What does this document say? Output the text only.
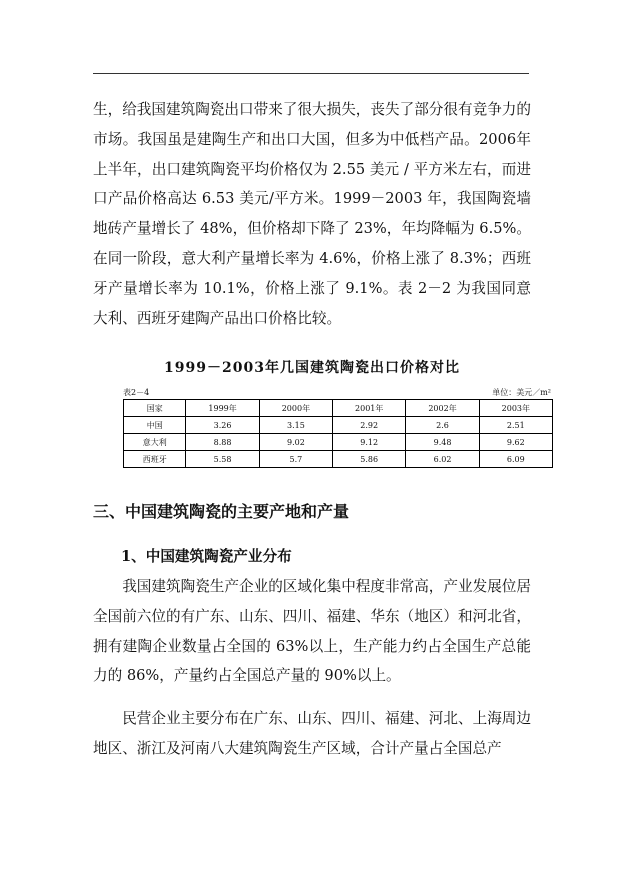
生，给我国建筑陶瓷出口带来了很大损失，丧失了部分很有竞争力的市场。我国虽是建陶生产和出口大国，但多为中低档产品。2006年上半年，出口建筑陶瓷平均价格仅为 2.55 美元 / 平方米左右，而进口产品价格高达 6.53 美元/平方米。1999－2003 年，我国陶瓷墙地砖产量增长了 48%，但价格却下降了 23%，年均降幅为 6.5%。在同一阶段，意大利产量增长率为 4.6%，价格上涨了 8.3%；西班牙产量增长率为 10.1%，价格上涨了 9.1%。表 2－2 为我国同意大利、西班牙建陶产品出口价格比较。

1999－2003年几国建筑陶瓷出口价格对比

表2－4	单位：美元／m²
国家	1999年	2000年	2001年	2002年	2003年
中国	3.26	3.15	2.92	2.6	2.51
意大利	8.88	9.02	9.12	9.48	9.62
西班牙	5.58	5.7	5.86	6.02	6.09
三、中国建筑陶瓷的主要产地和产量
1、中国建筑陶瓷产业分布

我国建筑陶瓷生产企业的区域化集中程度非常高，产业发展位居全国前六位的有广东、山东、四川、福建、华东（地区）和河北省，拥有建陶企业数量占全国的 63%以上，生产能力约占全国生产总能力的 86%，产量约占全国总产量的 90%以上。

民营企业主要分布在广东、山东、四川、福建、河北、上海周边地区、浙江及河南八大建筑陶瓷生产区域，合计产量占全国总产
